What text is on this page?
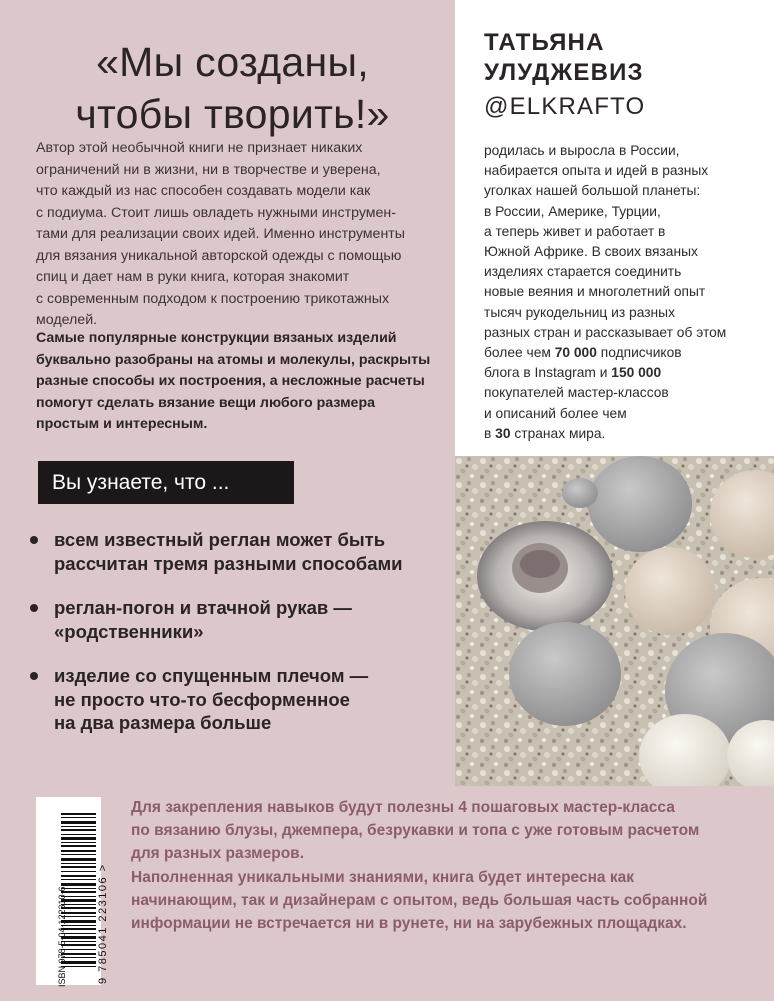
«Мы созданы,
чтобы творить!»
Автор этой необычной книги не признает никаких
ограничений ни в жизни, ни в творчестве и уверена,
что каждый из нас способен создавать модели как
с подиума. Стоит лишь овладеть нужными инструмен-
тами для реализации своих идей. Именно инструменты
для вязания уникальной авторской одежды с помощью
спиц и дает нам в руки книга, которая знакомит
с современным подходом к построению трикотажных
моделей.
Самые популярные конструкции вязаных изделий
буквально разобраны на атомы и молекулы, раскрыты
разные способы их построения, а несложные расчеты
помогут сделать вязание вещи любого размера
простым и интересным.
Вы узнаете, что ...
всем известный реглан может быть
рассчитан тремя разными способами
реглан-погон и втачной рукав —
«родственники»
изделие со спущенным плечом —
не просто что-то бесформенное
на два размера больше
ТАТЬЯНА
УЛУДЖЕВИЗ
@ELKRAFTO
родилась и выросла в России,
набирается опыта и идей в разных
уголках нашей большой планеты:
в России, Америке, Турции,
а теперь живет и работает в
Южной Африке. В своих вязаных
изделиях старается соединить
новые веяния и многолетний опыт
тысяч рукодельниц из разных
разных стран и рассказывает об этом
более чем 70 000 подписчиков
блога в Instagram и 150 000
покупателей мастер-классов
и описаний более чем
в 30 странах мира.
ISBN 978-5-04-122310-6	9 785041 223106 >
Для закрепления навыков будут полезны 4 пошаговых мастер-класса
по вязанию блузы, джемпера, безрукавки и топа с уже готовым расчетом
для разных размеров.
Наполненная уникальными знаниями, книга будет интересна как
начинающим, так и дизайнерам с опытом, ведь большая часть собранной
информации не встречается ни в рунете, ни на зарубежных площадках.
